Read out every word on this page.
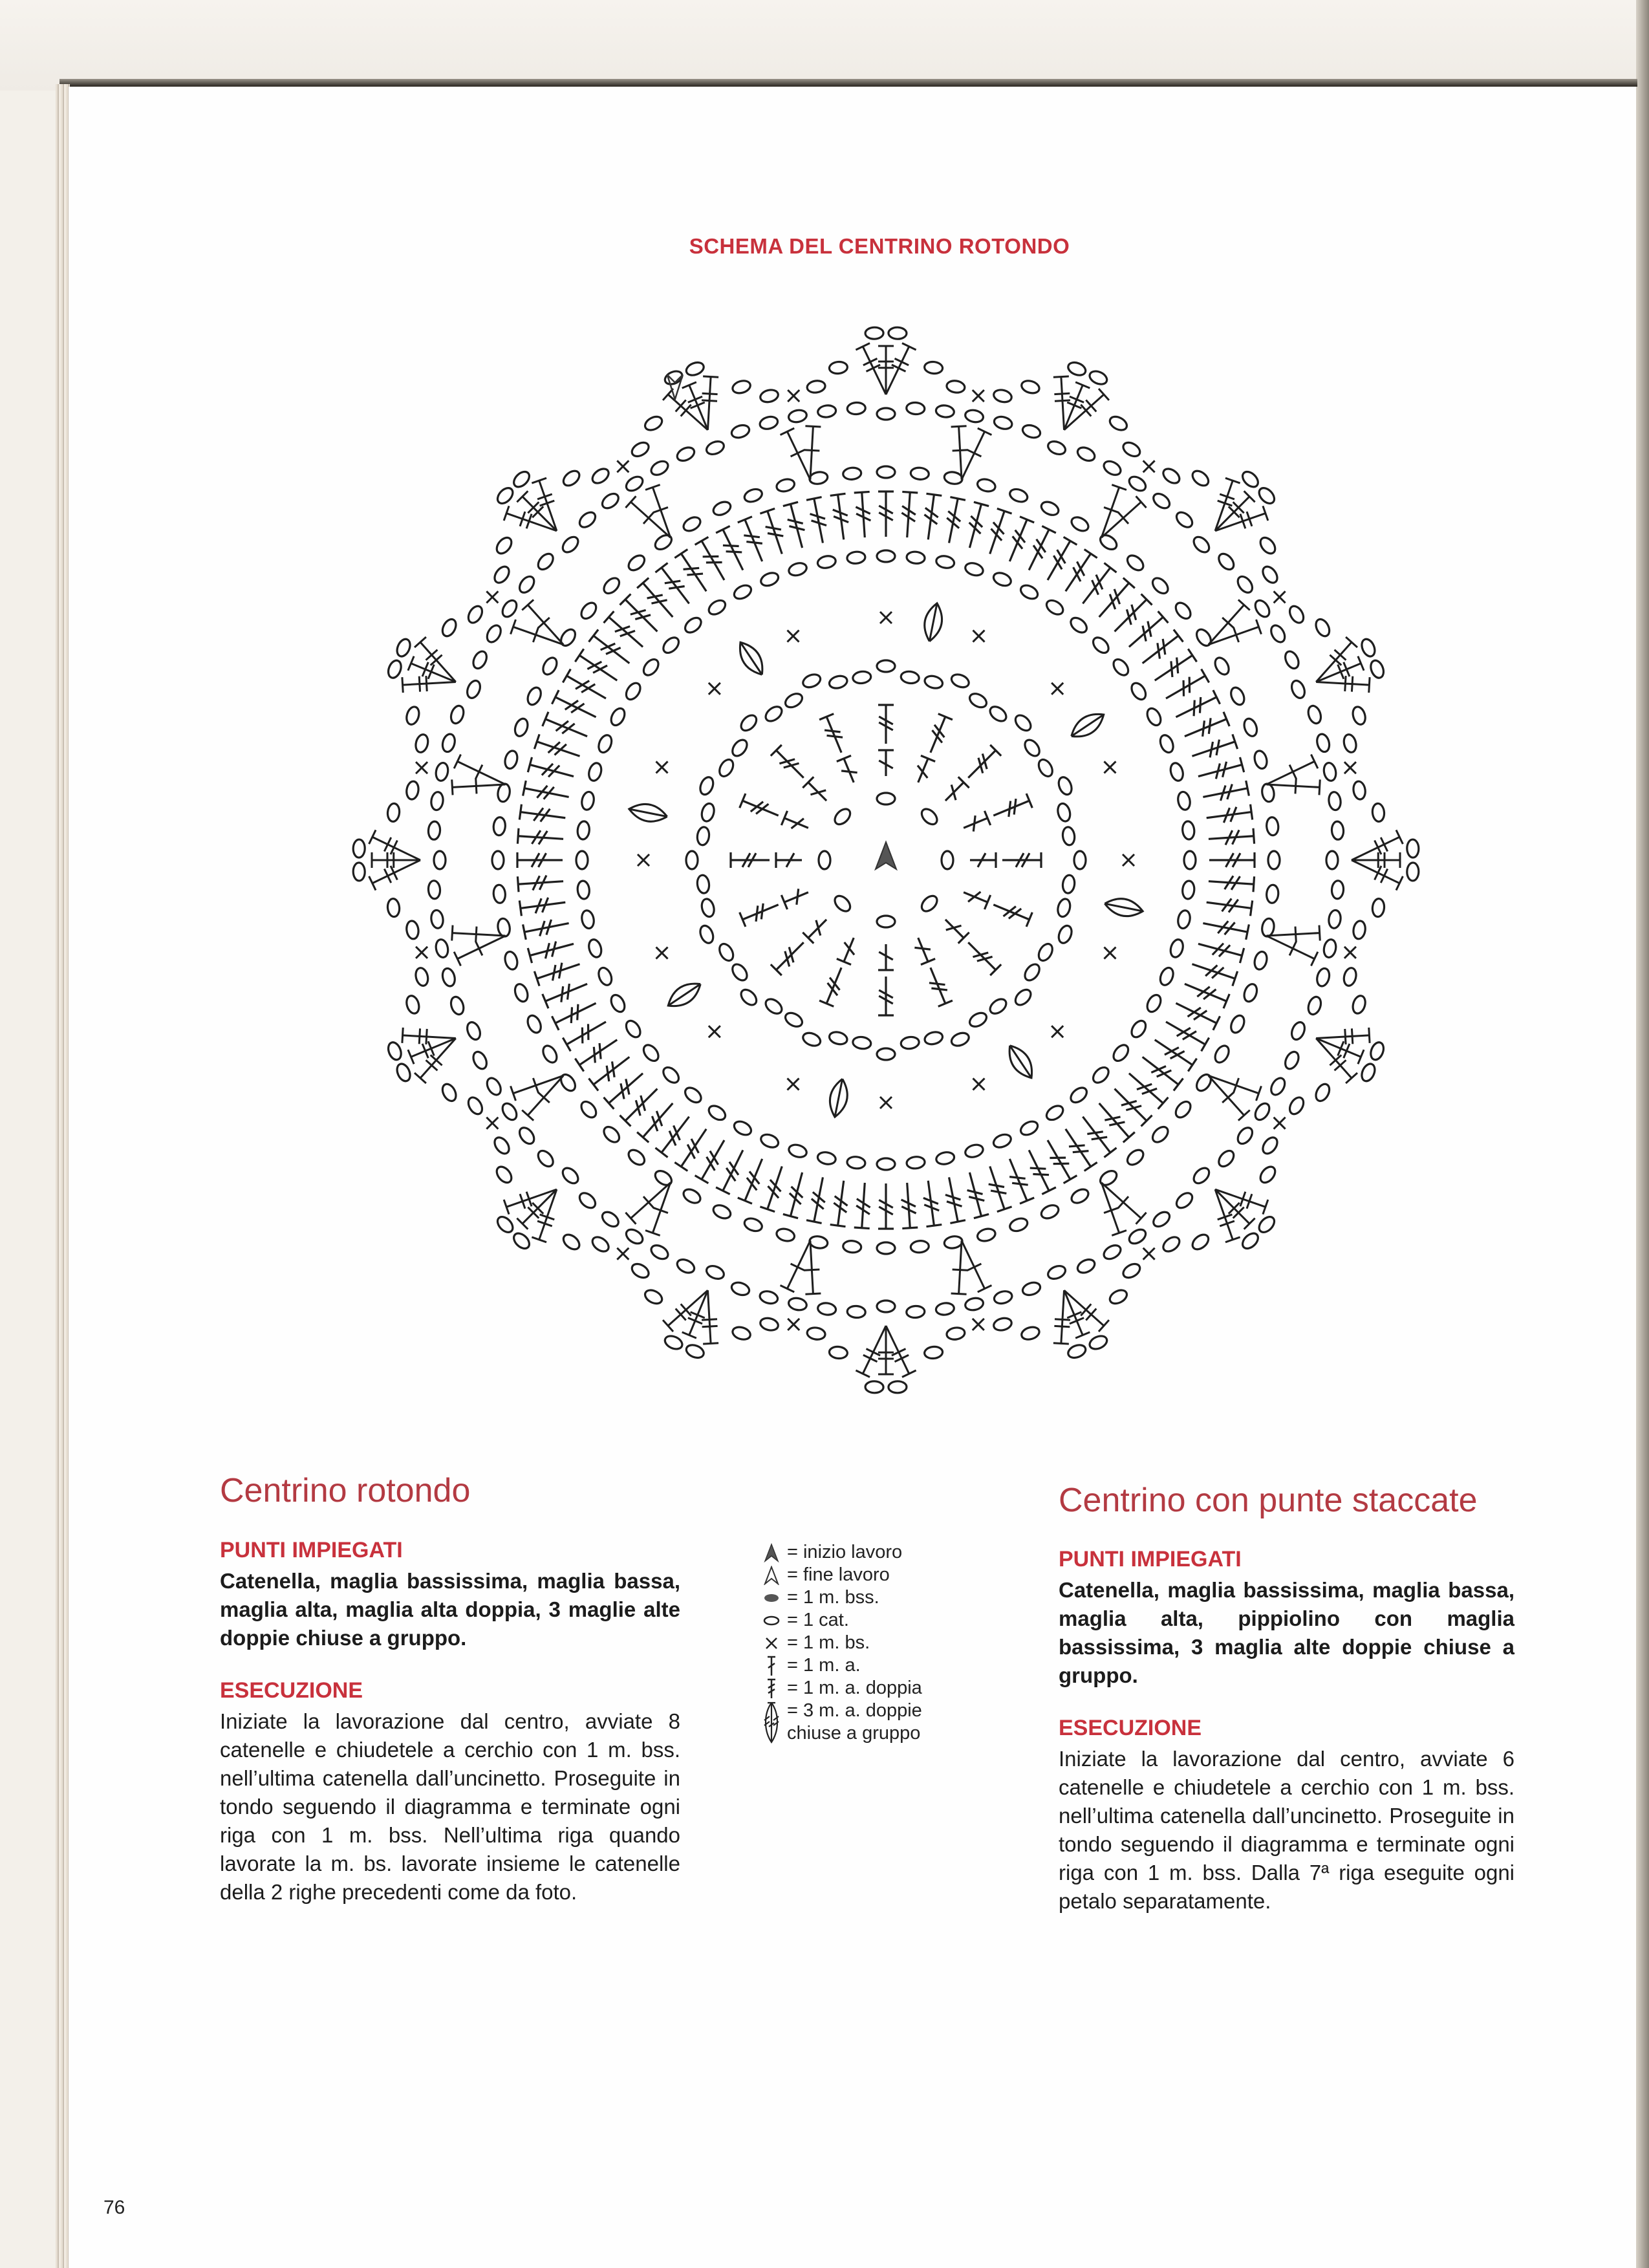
SCHEMA DEL CENTRINO ROTONDO
Centrino rotondo
PUNTI IMPIEGATI

Catenella, maglia bassissima, maglia bassa, maglia alta, maglia alta doppia, 3 maglie alte doppie chiuse a gruppo.

ESECUZIONE

Iniziate la lavorazione dal centro, avviate 8 catenelle e chiudetele a cerchio con 1 m. bss. nell’ultima catenella dall’uncinetto. Proseguite in tondo seguendo il diagramma e terminate ogni riga con 1 m. bss. Nell’ultima riga quando lavorate la m. bs. lavorate insieme le catenelle della 2 righe precedenti come da foto.

= inizio lavoro
= fine lavoro
= 1 m. bss.
= 1 cat.
= 1 m. bs.
= 1 m. a.
= 1 m. a. doppia
= 3 m. a. doppie
chiuse a gruppo
Centrino con punte staccate
PUNTI IMPIEGATI

Catenella, maglia bassissima, maglia bassa, maglia alta, pippiolino con maglia bassissima, 3 maglia alte doppie chiuse a gruppo.

ESECUZIONE

Iniziate la lavorazione dal centro, avviate 6 catenelle e chiudetele a cerchio con 1 m. bss. nell’ultima catenella dall’uncinetto. Proseguite in tondo seguendo il diagramma e terminate ogni riga con 1 m. bss. Dalla 7ª riga eseguite ogni petalo separatamente.

76
